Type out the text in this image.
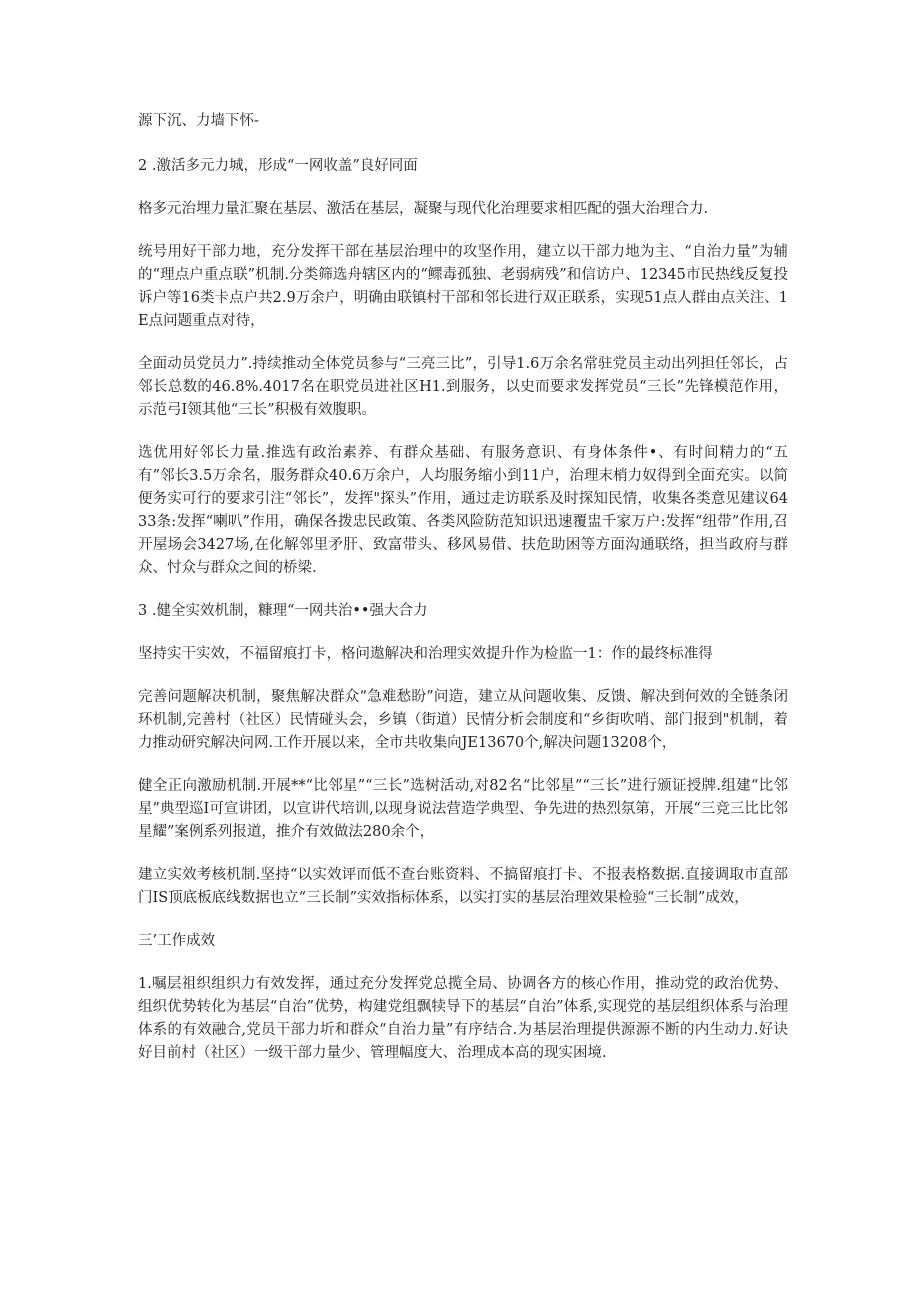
源下沉、力墙下怀-

2 .激活多元力城，形成“一网收盖”良好同面

格多元治埋力量汇聚在基层、激活在基层，凝聚与现代化治理要求相匹配的强大治理合力.

统号用好干部力地，充分发挥干部在基层治理中的攻坚作用，建立以干部力地为主、“自治力量”为辅的“理点户重点联”机制.分类筛选舟辖区内的“鳏毒孤独、老弱病残”和信访户、12345市民热线反复投诉户等16类卡点户共2.9万余户，明确由联镇村干部和邻长进行双正联系，实现51点人群由点关注、1E点问题重点对待，

全面动员党员力”.持续推动全体党员参与“三亮三比”，引导1.6万余名常驻党员主动出列担任邻长，占邻长总数的46.8%.4017名在职党员进社区H1.到服务，以史而要求发挥党员“三长”先锋模范作用，示范弓I领其他“三长”积极有效腹职。

选优用好邻长力量.推选有政治素养、有群众基础、有服务意识、有身体条件•、有时间精力的“五有”邻长3.5万余名，服务群众40.6万余户，人均服务缩小到11户，治理末梢力奴得到全面充实。以简便务实可行的要求引注“邻长”，发挥"探头”作用，通过走访联系及时探知民情，收集各类意见建议6433条:发挥“喇叭”作用，确保各拨忠民政策、各类风险防范知识迅速覆盅千家万户:发挥“纽带”作用,召开屋场会3427场,在化解邻里矛肝、致富带头、移风易借、扶危助困等方面沟通联络，担当政府与群众、忖众与群众之间的桥梁.

3 .健全实效机制，糠理“一网共治••强大合力

坚持实干实效，不福留痕打卡，格问遨解决和治理实效提升作为检监一1：作的最终标准得

完善问题解决机制，聚焦解决群众“急难愁盼”问造，建立从问题收集、反馈、解决到何效的全链条闭环机制,完善村（社区）民情碰头会，乡镇（街道）民情分析会制度和“乡街吹哨、部门报到"机制，着力推动研究解决问网.工作开展以来，全市共收集向JE13670个,解决问题13208个，

健全正向激励机制.开展**“比邻星”“三长”选树活动,对82名“比邻星”“三长”进行颁证授牌.组建“比邻星”典型巡I可宣讲团，以宣讲代培训,以现身说法营造学典型、争先进的热烈氛第，开展“三竞三比比邻星耀”案例系列报道，推介有效做法280余个，

建立实效考核机制.坚持“以实效评而低不查台账资料、不搞留痕打卡、不报表格数据.直接调取市直部门IS顶底板底线数据也立“三长制”实效指标体系，以实打实的基层治理效果检验“三长制”成效，

三’工作成效

1.嘱层祖织组织力有效发挥，通过充分发挥党总揽全局、协调各方的核心作用，推动党的政治优势、组织优势转化为基层“自治”优势，构建党组飘犊导下的基层“自治”体系,实现党的基层组织体系与治理体系的有效融合,党员干部力圻和群众“自治力量”有序结合.为基层治理提供源源不断的内生动力.好诀好目前村（社区）一级干部力量少、管理幅度大、治理成本高的现实困境.
